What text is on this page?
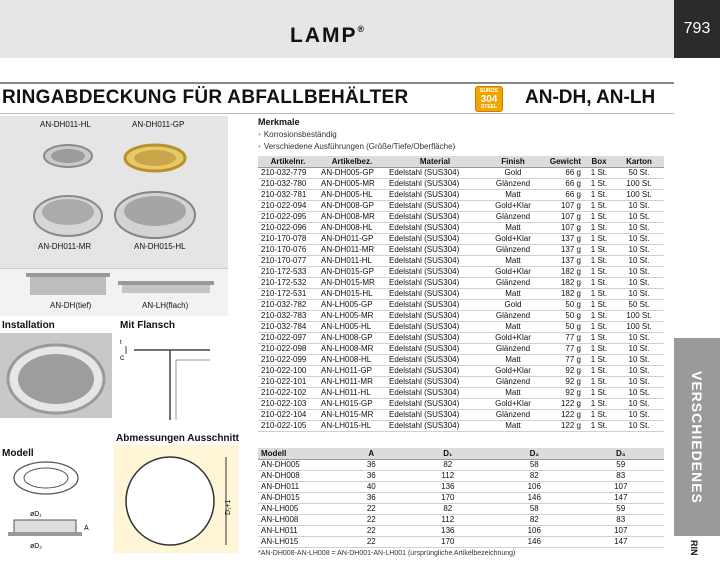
LAMP®	793
RINGABDECKUNG FÜR ABFALLBEHÄLTER	EUROS
304
STEEL AN-DH, AN-LH
AN-DH011-HL	AN-DH011-GP
AN-DH011-MR	AN-DH015-HL
AN-DH(tief)	AN-LH(flach)
Installation	Mit Flansch
t
C
Abmessungen Ausschnitt
Modell
øD₁
øD₂
A
D₁+1
Merkmale
• Korrosionsbeständig
• Verschiedene Ausführungen (Größe/Tiefe/Oberfläche)
Artikelnr.	Artikelbez.	Material	Finish	Gewicht	Box	Karton
210-032-779	AN-DH005-GP	Edelstahl (SUS304)	Gold	66 g	1 St.	50 St.
210-032-780	AN-DH005-MR	Edelstahl (SUS304)	Glänzend	66 g	1 St.	100 St.
210-032-781	AN-DH005-HL	Edelstahl (SUS304)	Matt	66 g	1 St.	100 St.
210-022-094	AN-DH008-GP	Edelstahl (SUS304)	Gold+Klar	107 g	1 St.	10 St.
210-022-095	AN-DH008-MR	Edelstahl (SUS304)	Glänzend	107 g	1 St.	10 St.
210-022-096	AN-DH008-HL	Edelstahl (SUS304)	Matt	107 g	1 St.	10 St.
210-170-078	AN-DH011-GP	Edelstahl (SUS304)	Gold+Klar	137 g	1 St.	10 St.
210-170-076	AN-DH011-MR	Edelstahl (SUS304)	Glänzend	137 g	1 St.	10 St.
210-170-077	AN-DH011-HL	Edelstahl (SUS304)	Matt	137 g	1 St.	10 St.
210-172-533	AN-DH015-GP	Edelstahl (SUS304)	Gold+Klar	182 g	1 St.	10 St.
210-172-532	AN-DH015-MR	Edelstahl (SUS304)	Glänzend	182 g	1 St.	10 St.
210-172-531	AN-DH015-HL	Edelstahl (SUS304)	Matt	182 g	1 St.	10 St.
210-032-782	AN-LH005-GP	Edelstahl (SUS304)	Gold	50 g	1 St.	50 St.
210-032-783	AN-LH005-MR	Edelstahl (SUS304)	Glänzend	50 g	1 St.	100 St.
210-032-784	AN-LH005-HL	Edelstahl (SUS304)	Matt	50 g	1 St.	100 St.
210-022-097	AN-LH008-GP	Edelstahl (SUS304)	Gold+Klar	77 g	1 St.	10 St.
210-022-098	AN-LH008-MR	Edelstahl (SUS304)	Glänzend	77 g	1 St.	10 St.
210-022-099	AN-LH008-HL	Edelstahl (SUS304)	Matt	77 g	1 St.	10 St.
210-022-100	AN-LH011-GP	Edelstahl (SUS304)	Gold+Klar	92 g	1 St.	10 St.
210-022-101	AN-LH011-MR	Edelstahl (SUS304)	Glänzend	92 g	1 St.	10 St.
210-022-102	AN-LH011-HL	Edelstahl (SUS304)	Matt	92 g	1 St.	10 St.
210-022-103	AN-LH015-GP	Edelstahl (SUS304)	Gold+Klar	122 g	1 St.	10 St.
210-022-104	AN-LH015-MR	Edelstahl (SUS304)	Glänzend	122 g	1 St.	10 St.
210-022-105	AN-LH015-HL	Edelstahl (SUS304)	Matt	122 g	1 St.	10 St.
Modell	A	D₁	D₂	D₃
AN-DH005	36	82	58	59
AN-DH008	36	112	82	83
AN-DH011	40	136	106	107
AN-DH015	36	170	146	147
AN-LH005	22	82	58	59
AN-LH008	22	112	82	83
AN-LH011	22	136	106	107
AN-LH015	22	170	146	147
*AN-DH008-AN-LH008 = AN-DH001-AN-LH001 (ursprüngliche Artikelbezeichnung)
VERSCHIEDENES
RIN
